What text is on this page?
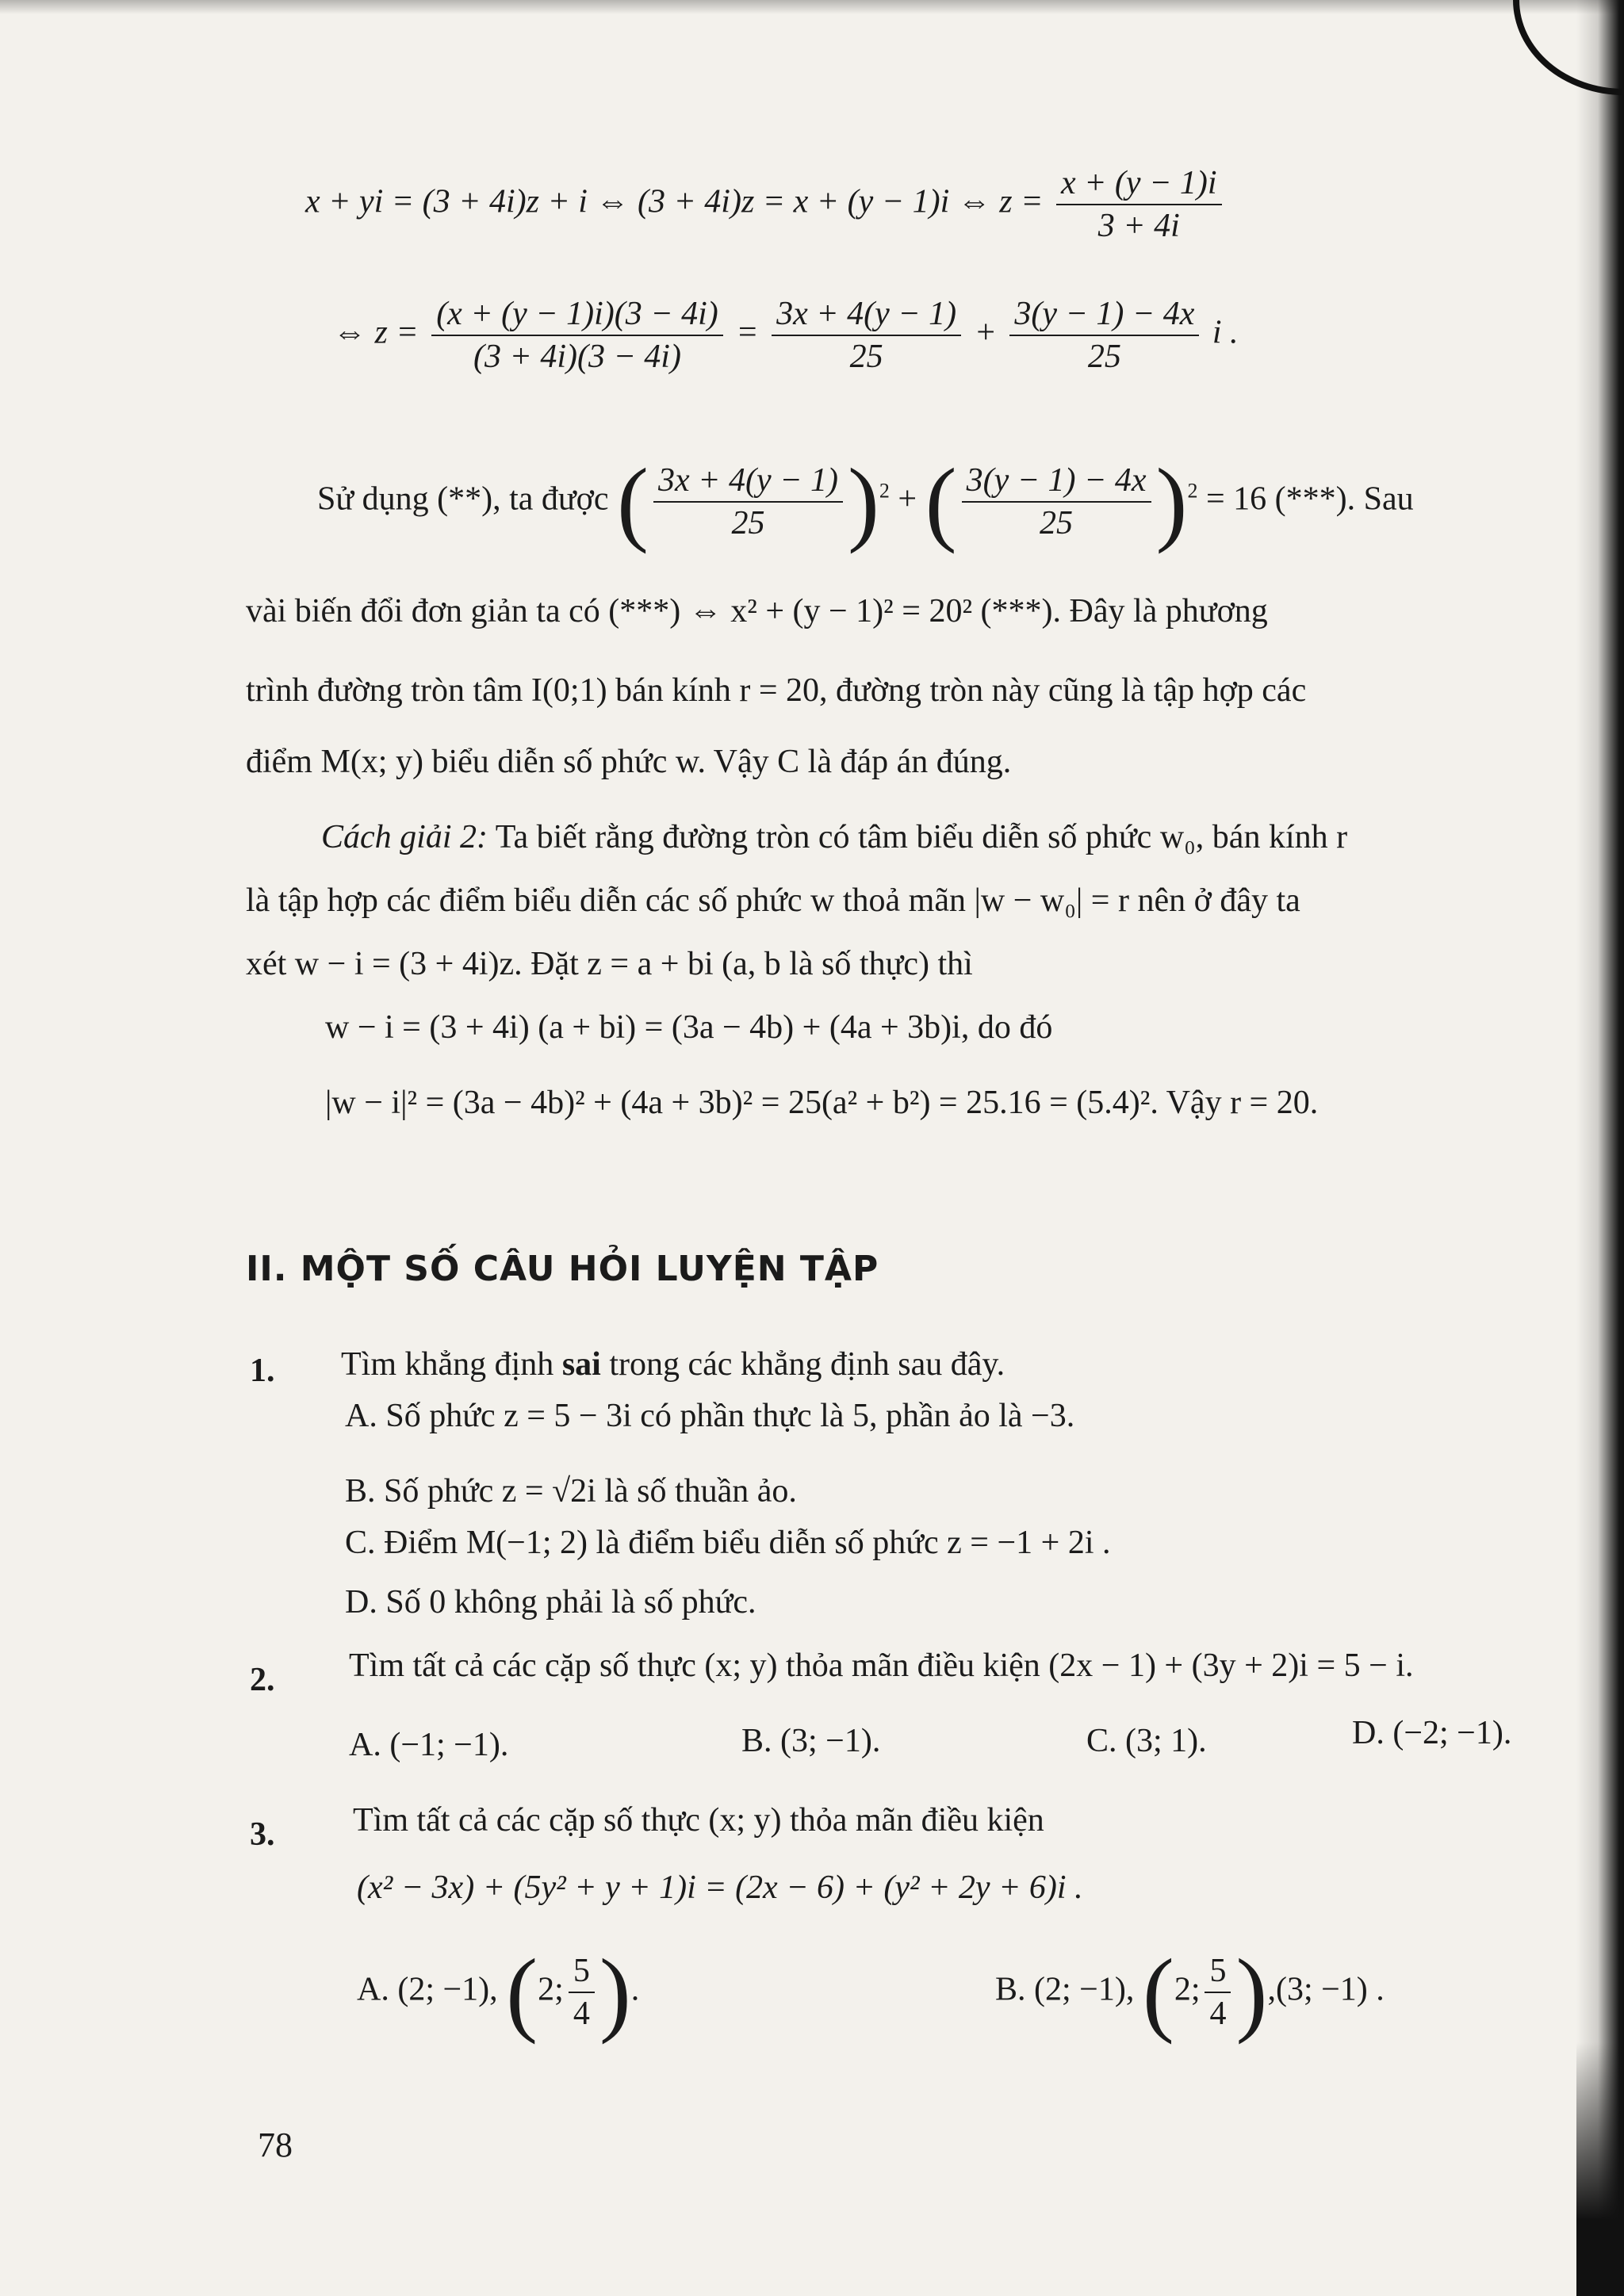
x + yi = (3 + 4i)z + i ⇔ (3 + 4i)z = x + (y − 1)i ⇔ $z = \frac{x + (y - 1)i}{3 + 4i}$
⇔ $z = \frac{(x + (y - 1)i)(3 - 4i)}{(3 + 4i)(3 - 4i)} = \frac{3x + 4(y - 1)}{25} + \frac{3(y - 1) - 4x}{25}$ i .
Sử dụng (**), ta được ( $\frac{3x + 4(y - 1)}{25} )^2$ + ( $\frac{3(y - 1) - 4x}{25} )^2 = 16$ (***). Sau
vài biến đổi đơn giản ta có (***) ⇔ x² + (y − 1)² = 20² (***). Đây là phương
trình đường tròn tâm I(0;1) bán kính r = 20, đường tròn này cũng là tập hợp các
điểm M(x; y) biểu diễn số phức w. Vậy C là đáp án đúng.
Cách giải 2: Ta biết rằng đường tròn có tâm biểu diễn số phức w₀, bán kính r
là tập hợp các điểm biểu diễn các số phức w thoả mãn |w − w₀| = r nên ở đây ta
xét w − i = (3 + 4i)z. Đặt z = a + bi (a, b là số thực) thì
w − i = (3 + 4i) (a + bi) = (3a − 4b) + (4a + 3b)i, do đó
|w − i|² = (3a − 4b)² + (4a + 3b)² = 25(a² + b²) = 25.16 = (5.4)². Vậy r = 20.
II. MỘT SỐ CÂU HỎI LUYỆN TẬP
1. Tìm khẳng định sai trong các khẳng định sau đây.
A. Số phức z = 5 − 3i có phần thực là 5, phần ảo là −3.
B. Số phức z = √2i là số thuần ảo.
C. Điểm M(−1; 2) là điểm biểu diễn số phức z = −1 + 2i .
D. Số 0 không phải là số phức.
2. Tìm tất cả các cặp số thực (x; y) thỏa mãn điều kiện (2x − 1) + (3y + 2)i = 5 − i.
A. (−1; −1).	B. (3; −1).	C. (3; 1).	D. (−2; −1).
3. Tìm tất cả các cặp số thực (x; y) thỏa mãn điều kiện
(x² − 3x) + (5y² + y + 1)i = (2x − 6) + (y² + 2y + 6)i .
A. (2; −1), (2; $\frac{5}{4}$ ).	B. (2; −1), (2; $\frac{5}{4} ),(3$; −1) .
78
